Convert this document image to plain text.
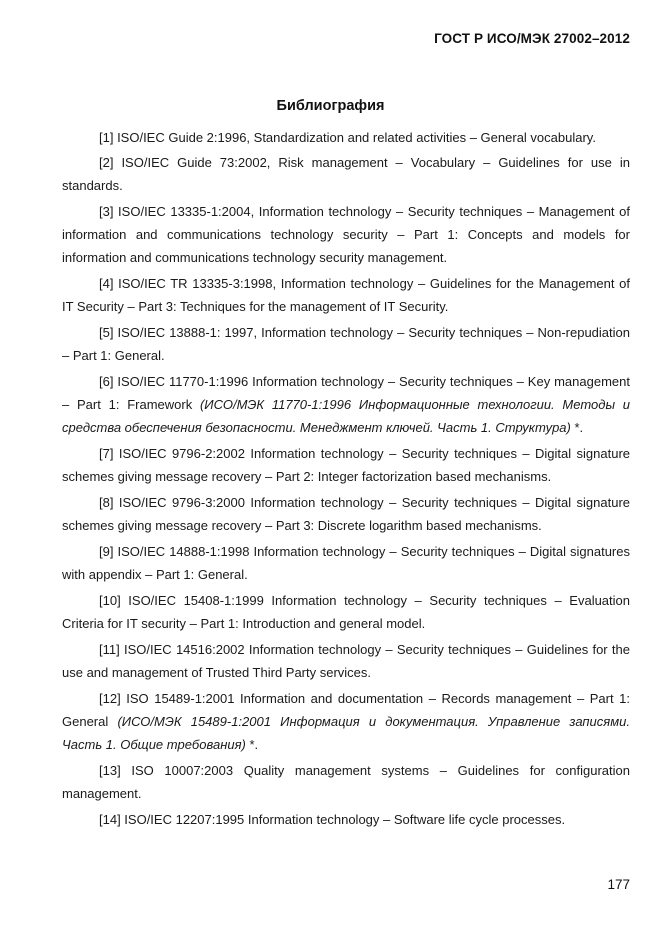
ГОСТ Р ИСО/МЭК 27002–2012
Библиография

[1] ISO/IEC Guide 2:1996, Standardization and related activities – General vocabulary.

[2] ISO/IEC Guide 73:2002, Risk management – Vocabulary – Guidelines for use in standards.

[3] ISO/IEC 13335-1:2004, Information technology – Security techniques – Management of information and communications technology security – Part 1: Concepts and models for information and communications technology security management.

[4] ISO/IEC TR 13335-3:1998, Information technology – Guidelines for the Management of IT Security – Part 3: Techniques for the management of IT Security.

[5] ISO/IEC 13888-1: 1997, Information technology – Security techniques – Non-repudiation – Part 1: General.

[6] ISO/IEC 11770-1:1996 Information technology – Security techniques – Key management – Part 1: Framework (ИСО/МЭК 11770-1:1996 Информационные технологии. Методы и средства обеспечения безопасности. Менеджмент ключей. Часть 1. Структура) *.

[7] ISO/IEC 9796-2:2002 Information technology – Security techniques – Digital signature schemes giving message recovery – Part 2: Integer factorization based mechanisms.

[8] ISO/IEC 9796-3:2000 Information technology – Security techniques – Digital signature schemes giving message recovery – Part 3: Discrete logarithm based mechanisms.

[9] ISO/IEC 14888-1:1998 Information technology – Security techniques – Digital signatures with appendix – Part 1: General.

[10] ISO/IEC 15408-1:1999 Information technology – Security techniques – Evaluation Criteria for IT security – Part 1: Introduction and general model.

[11] ISO/IEC 14516:2002 Information technology – Security techniques – Guidelines for the use and management of Trusted Third Party services.

[12] ISO 15489-1:2001 Information and documentation – Records management – Part 1: General (ИСО/МЭК 15489-1:2001 Информация и документация. Управление записями. Часть 1. Общие требования) *.

[13] ISO 10007:2003 Quality management systems – Guidelines for configuration management.

[14] ISO/IEC 12207:1995 Information technology – Software life cycle processes.

177
